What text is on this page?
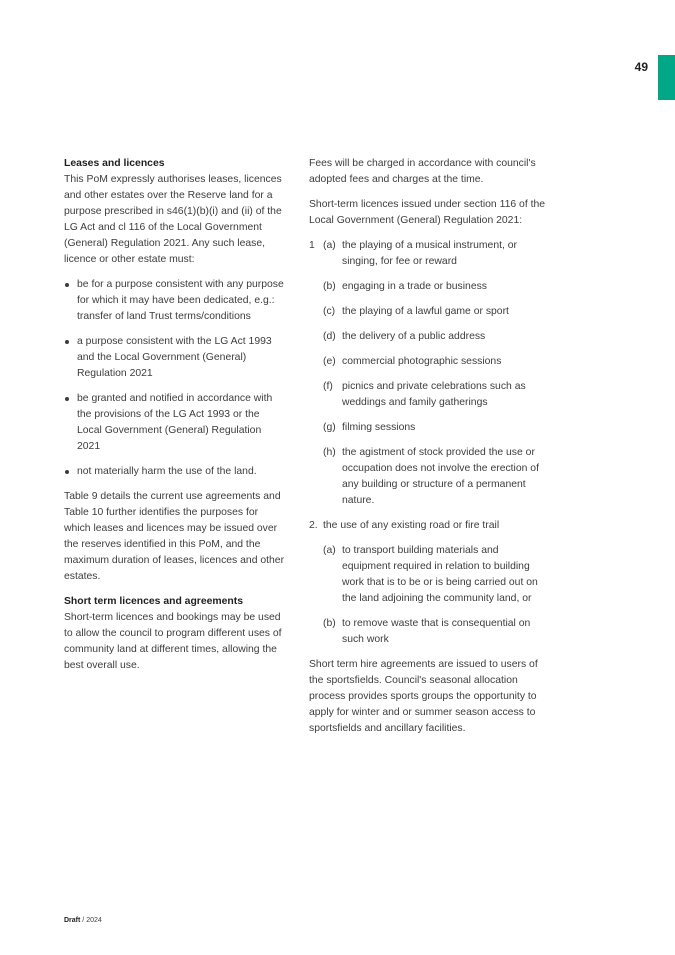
49

Leases and licences

This PoM expressly authorises leases, licences and other estates over the Reserve land for a purpose prescribed in s46(1)(b)(i) and (ii) of the LG Act and cl 116 of the Local Government (General) Regulation 2021. Any such lease, licence or other estate must:

be for a purpose consistent with any purpose for which it may have been dedicated, e.g.: transfer of land Trust terms/conditions
a purpose consistent with the LG Act 1993 and the Local Government (General) Regulation 2021
be granted and notified in accordance with the provisions of the LG Act 1993 or the Local Government (General) Regulation 2021
not materially harm the use of the land.

Table 9 details the current use agreements and Table 10 further identifies the purposes for which leases and licences may be issued over the reserves identified in this PoM, and the maximum duration of leases, licences and other estates.

Short term licences and agreements

Short-term licences and bookings may be used to allow the council to program different uses of community land at different times, allowing the best overall use.

Fees will be charged in accordance with council's adopted fees and charges at the time.

Short-term licences issued under section 116 of the Local Government (General) Regulation 2021:

1 (a) the playing of a musical instrument, or singing, for fee or reward
(b) engaging in a trade or business
(c) the playing of a lawful game or sport
(d) the delivery of a public address
(e) commercial photographic sessions
(f) picnics and private celebrations such as weddings and family gatherings
(g) filming sessions
(h) the agistment of stock provided the use or occupation does not involve the erection of any building or structure of a permanent nature.
2. the use of any existing road or fire trail
(a) to transport building materials and equipment required in relation to building work that is to be or is being carried out on the land adjoining the community land, or
(b) to remove waste that is consequential on such work

Short term hire agreements are issued to users of the sportsfields. Council's seasonal allocation process provides sports groups the opportunity to apply for winter and or summer season access to sportsfields and ancillary facilities.

Draft / 2024
